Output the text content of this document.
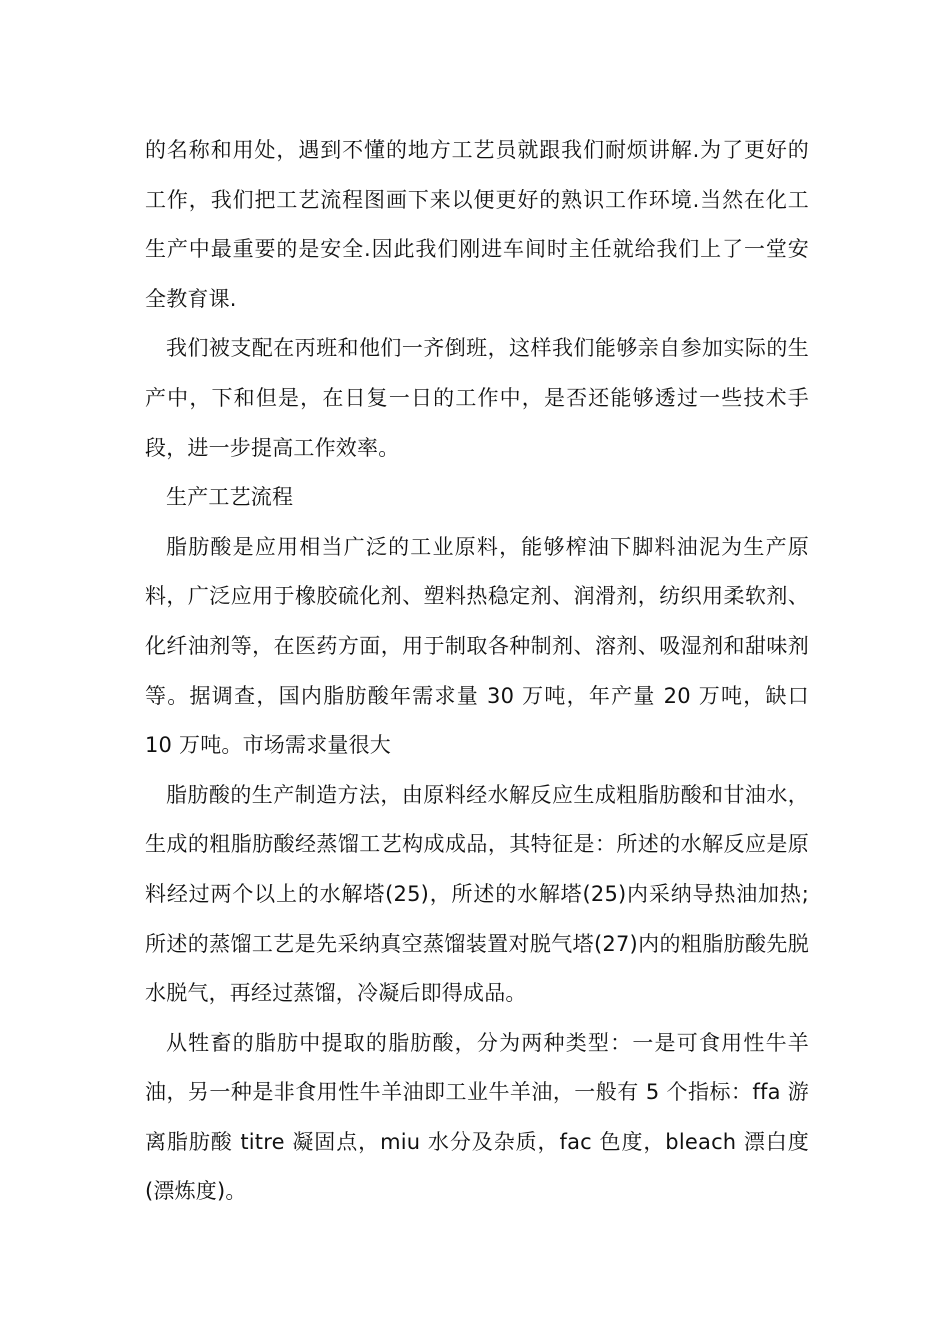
的名称和用处，遇到不懂的地方工艺员就跟我们耐烦讲解.为了更好的工作，我们把工艺流程图画下来以便更好的熟识工作环境.当然在化工生产中最重要的是安全.因此我们刚进车间时主任就给我们上了一堂安全教育课.

我们被支配在丙班和他们一齐倒班，这样我们能够亲自参加实际的生产中，下和但是，在日复一日的工作中，是否还能够透过一些技术手段，进一步提高工作效率。

生产工艺流程

脂肪酸是应用相当广泛的工业原料，能够榨油下脚料油泥为生产原料，广泛应用于橡胶硫化剂、塑料热稳定剂、润滑剂，纺织用柔软剂、化纤油剂等，在医药方面，用于制取各种制剂、溶剂、吸湿剂和甜味剂等。据调查，国内脂肪酸年需求量 30 万吨，年产量 20 万吨，缺口 10 万吨。市场需求量很大

脂肪酸的生产制造方法，由原料经水解反应生成粗脂肪酸和甘油水，生成的粗脂肪酸经蒸馏工艺构成成品，其特征是：所述的水解反应是原料经过两个以上的水解塔(25)，所述的水解塔(25)内采纳导热油加热;所述的蒸馏工艺是先采纳真空蒸馏装置对脱气塔(27)内的粗脂肪酸先脱水脱气，再经过蒸馏，冷凝后即得成品。

从牲畜的脂肪中提取的脂肪酸，分为两种类型：一是可食用性牛羊油，另一种是非食用性牛羊油即工业牛羊油，一般有 5 个指标：ffa 游离脂肪酸 titre 凝固点，miu 水分及杂质，fac 色度，bleach 漂白度(漂炼度)。
